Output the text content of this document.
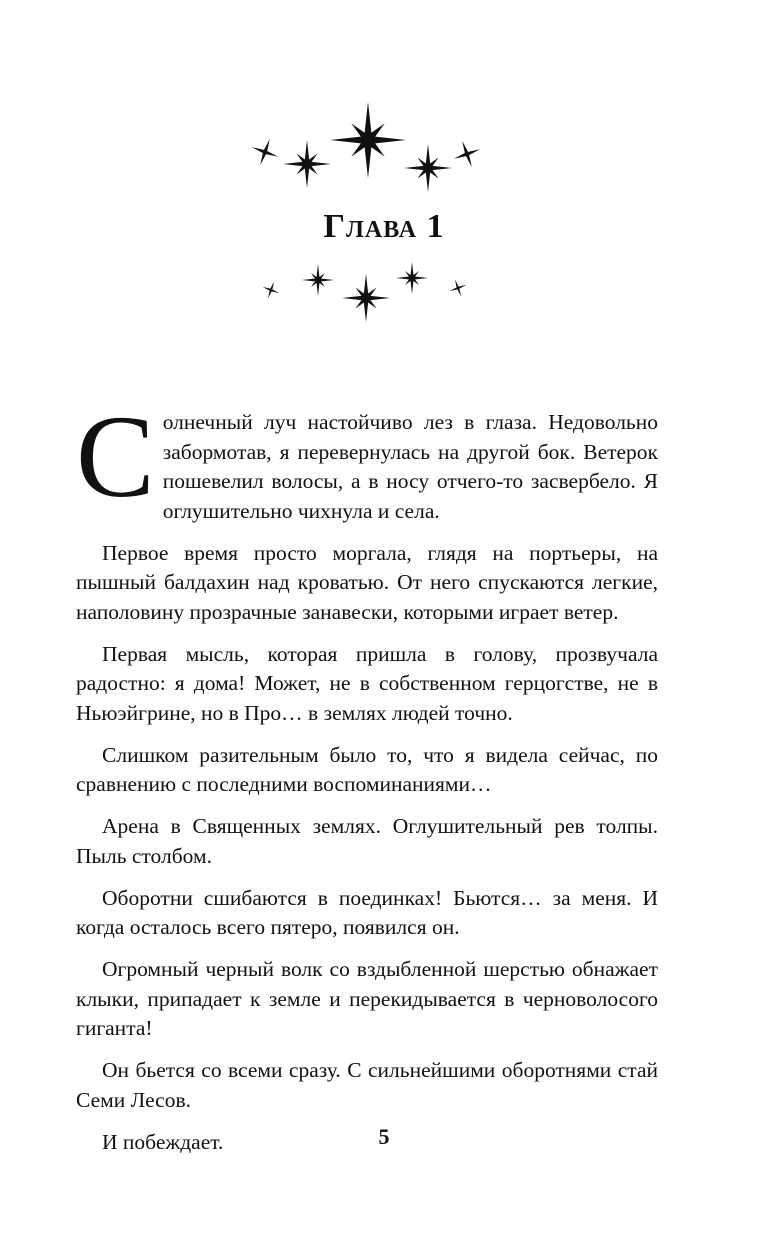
Глава 1

Солнечный луч настойчиво лез в глаза. Недовольно забормотав, я перевернулась на другой бок. Ветерок пошевелил волосы, а в носу отчего-то засвербело. Я оглушительно чихнула и села.

Первое время просто моргала, глядя на портьеры, на пышный балдахин над кроватью. От него спускаются легкие, наполовину прозрачные занавески, которыми играет ветер.

Первая мысль, которая пришла в голову, прозвучала радостно: я дома! Может, не в собственном герцогстве, не в Ньюэйгрине, но в Про… в землях людей точно.

Слишком разительным было то, что я видела сейчас, по сравнению с последними воспоминаниями…

Арена в Священных землях. Оглушительный рев толпы. Пыль столбом.

Оборотни сшибаются в поединках! Бьются… за меня. И когда осталось всего пятеро, появился он.

Огромный черный волк со вздыбленной шерстью обнажает клыки, припадает к земле и перекидывается в черноволосого гиганта!

Он бьется со всеми сразу. С сильнейшими оборотнями стай Семи Лесов.

И побеждает.	5
